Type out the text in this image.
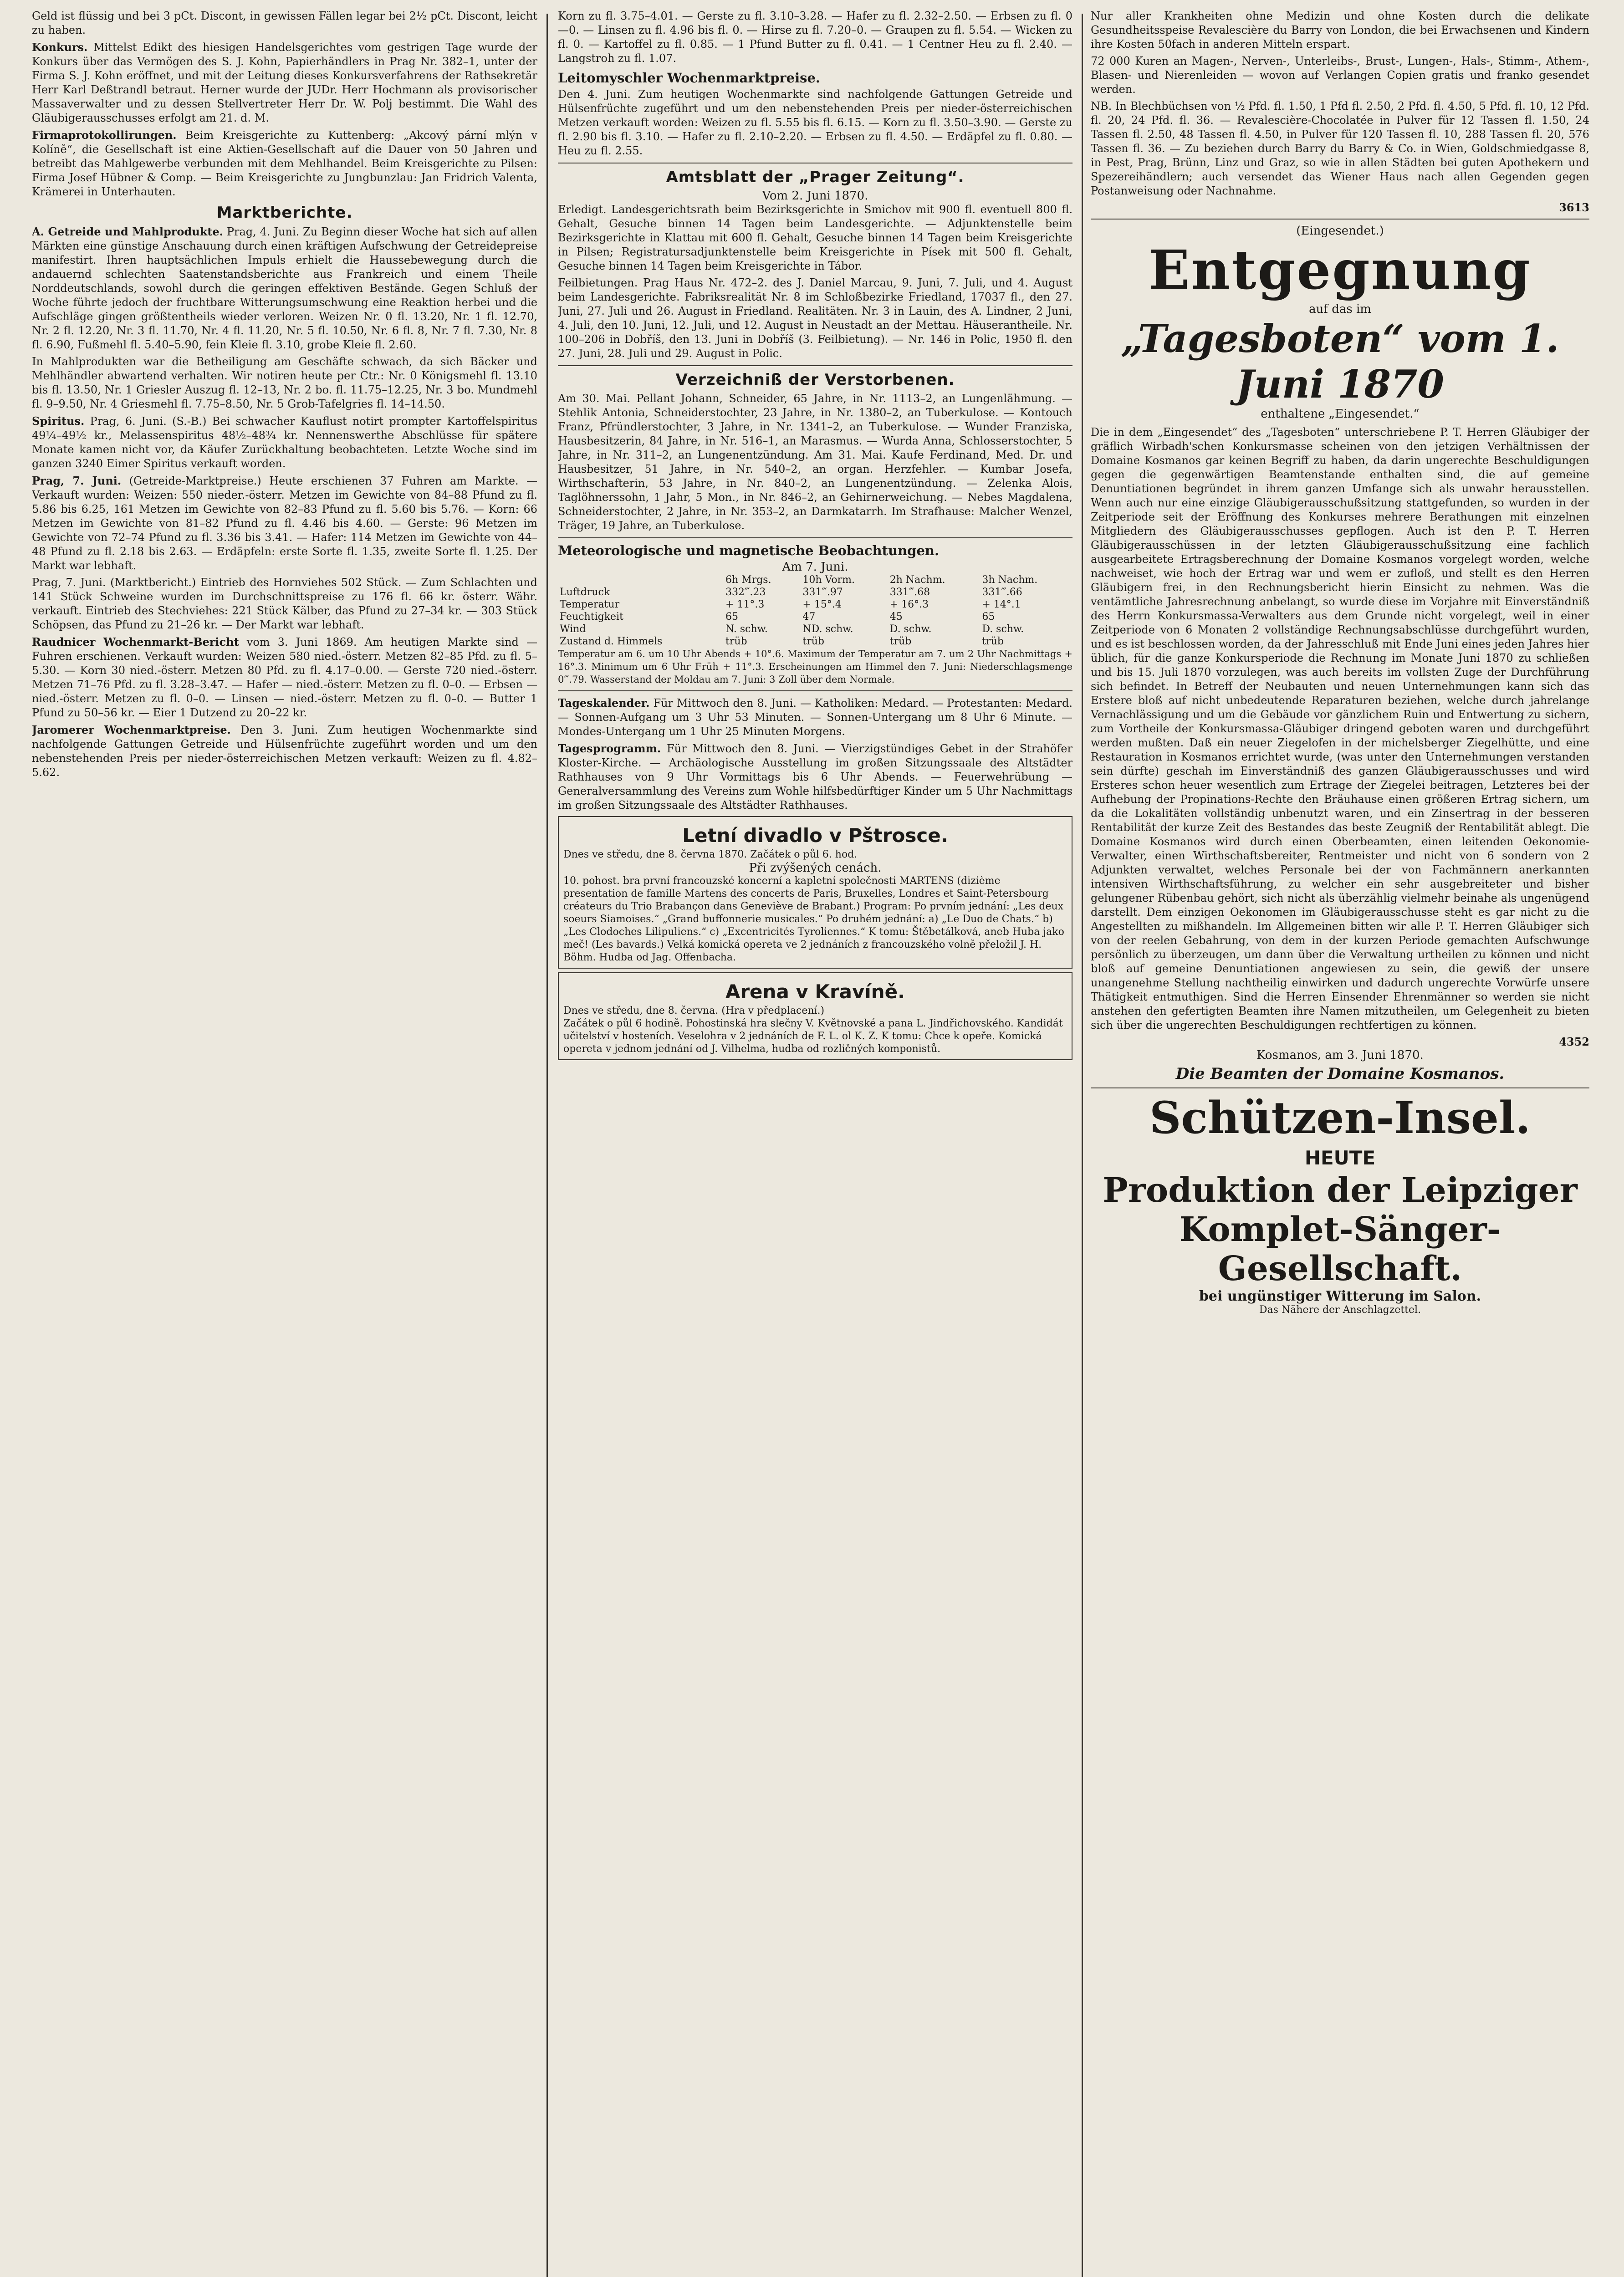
Geld ist flüssig und bei 3 pCt. Discont, in gewissen Fällen legar bei 2½ pCt. Discont, leicht zu haben.

Konkurs. Mittelst Edikt des hiesigen Handelsgerichtes vom gestrigen Tage wurde der Konkurs über das Vermögen des S. J. Kohn, Papierhändlers in Prag Nr. 382–1, unter der Firma S. J. Kohn eröffnet, und mit der Leitung dieses Konkursverfahrens der Rathsekretär Herr Karl Deßtrandl betraut. Herner wurde der JUDr. Herr Hochmann als provisorischer Massaverwalter und zu dessen Stellvertreter Herr Dr. W. Polj bestimmt. Die Wahl des Gläubigerausschusses erfolgt am 21. d. M.

Firmaprotokollirungen. Beim Kreisgerichte zu Kuttenberg: „Akcový pární mlýn v Kolíně“, die Gesellschaft ist eine Aktien-Gesellschaft auf die Dauer von 50 Jahren und betreibt das Mahlgewerbe verbunden mit dem Mehlhandel. Beim Kreisgerichte zu Pilsen: Firma Josef Hübner & Comp. — Beim Kreisgerichte zu Jungbunzlau: Jan Fridrich Valenta, Krämerei in Unterhauten.

Marktberichte.

A. Getreide und Mahlprodukte. Prag, 4. Juni. Zu Beginn dieser Woche hat sich auf allen Märkten eine günstige Anschauung durch einen kräftigen Aufschwung der Getreidepreise manifestirt. Ihren hauptsächlichen Impuls erhielt die Haussebewegung durch die andauernd schlechten Saatenstandsberichte aus Frankreich und einem Theile Norddeutschlands, sowohl durch die geringen effektiven Bestände. Gegen Schluß der Woche führte jedoch der fruchtbare Witterungsumschwung eine Reaktion herbei und die Aufschläge gingen größtentheils wieder verloren. Weizen Nr. 0 fl. 13.20, Nr. 1 fl. 12.70, Nr. 2 fl. 12.20, Nr. 3 fl. 11.70, Nr. 4 fl. 11.20, Nr. 5 fl. 10.50, Nr. 6 fl. 8, Nr. 7 fl. 7.30, Nr. 8 fl. 6.90, Fußmehl fl. 5.40–5.90, fein Kleie fl. 3.10, grobe Kleie fl. 2.60.

In Mahlprodukten war die Betheiligung am Geschäfte schwach, da sich Bäcker und Mehlhändler abwartend verhalten. Wir notiren heute per Ctr.: Nr. 0 Königsmehl fl. 13.10 bis fl. 13.50, Nr. 1 Griesler Auszug fl. 12–13, Nr. 2 bo. fl. 11.75–12.25, Nr. 3 bo. Mundmehl fl. 9–9.50, Nr. 4 Griesmehl fl. 7.75–8.50, Nr. 5 Grob-Tafelgries fl. 14–14.50.

Spiritus. Prag, 6. Juni. (S.-B.) Bei schwacher Kauflust notirt prompter Kartoffelspiritus 49¼–49½ kr., Melassenspiritus 48½–48¾ kr. Nennenswerthe Abschlüsse für spätere Monate kamen nicht vor, da Käufer Zurückhaltung beobachteten. Letzte Woche sind im ganzen 3240 Eimer Spiritus verkauft worden.

Prag, 7. Juni. (Getreide-Marktpreise.) Heute erschienen 37 Fuhren am Markte. — Verkauft wurden: Weizen: 550 nieder.-österr. Metzen im Gewichte von 84–88 Pfund zu fl. 5.86 bis 6.25, 161 Metzen im Gewichte von 82–83 Pfund zu fl. 5.60 bis 5.76. — Korn: 66 Metzen im Gewichte von 81–82 Pfund zu fl. 4.46 bis 4.60. — Gerste: 96 Metzen im Gewichte von 72–74 Pfund zu fl. 3.36 bis 3.41. — Hafer: 114 Metzen im Gewichte von 44–48 Pfund zu fl. 2.18 bis 2.63. — Erdäpfeln: erste Sorte fl. 1.35, zweite Sorte fl. 1.25. Der Markt war lebhaft.

Prag, 7. Juni. (Marktbericht.) Eintrieb des Hornviehes 502 Stück. — Zum Schlachten und 141 Stück Schweine wurden im Durchschnittspreise zu 176 fl. 66 kr. österr. Währ. verkauft. Eintrieb des Stechviehes: 221 Stück Kälber, das Pfund zu 27–34 kr. — 303 Stück Schöpsen, das Pfund zu 21–26 kr. — Der Markt war lebhaft.

Raudnicer Wochenmarkt-Bericht vom 3. Juni 1869. Am heutigen Markte sind — Fuhren erschienen. Verkauft wurden: Weizen 580 nied.-österr. Metzen 82–85 Pfd. zu fl. 5–5.30. — Korn 30 nied.-österr. Metzen 80 Pfd. zu fl. 4.17–0.00. — Gerste 720 nied.-österr. Metzen 71–76 Pfd. zu fl. 3.28–3.47. — Hafer — nied.-österr. Metzen zu fl. 0–0. — Erbsen — nied.-österr. Metzen zu fl. 0–0. — Linsen — nied.-österr. Metzen zu fl. 0–0. — Butter 1 Pfund zu 50–56 kr. — Eier 1 Dutzend zu 20–22 kr.

Jaromerer Wochenmarktpreise. Den 3. Juni. Zum heutigen Wochenmarkte sind nachfolgende Gattungen Getreide und Hülsenfrüchte zugeführt worden und um den nebenstehenden Preis per nieder-österreichischen Metzen verkauft: Weizen zu fl. 4.82–5.62.

Korn zu fl. 3.75–4.01. — Gerste zu fl. 3.10–3.28. — Hafer zu fl. 2.32–2.50. — Erbsen zu fl. 0—0. — Linsen zu fl. 4.96 bis fl. 0. — Hirse zu fl. 7.20–0. — Graupen zu fl. 5.54. — Wicken zu fl. 0. — Kartoffel zu fl. 0.85. — 1 Pfund Butter zu fl. 0.41. — 1 Centner Heu zu fl. 2.40. — Langstroh zu fl. 1.07.

Leitomyschler Wochenmarktpreise.

Den 4. Juni. Zum heutigen Wochenmarkte sind nachfolgende Gattungen Getreide und Hülsenfrüchte zugeführt und um den nebenstehenden Preis per nieder-österreichischen Metzen verkauft worden: Weizen zu fl. 5.55 bis fl. 6.15. — Korn zu fl. 3.50–3.90. — Gerste zu fl. 2.90 bis fl. 3.10. — Hafer zu fl. 2.10–2.20. — Erbsen zu fl. 4.50. — Erdäpfel zu fl. 0.80. — Heu zu fl. 2.55.

Amtsblatt der „Prager Zeitung“.
Vom 2. Juni 1870.

Erledigt. Landesgerichtsrath beim Bezirksgerichte in Smichov mit 900 fl. eventuell 800 fl. Gehalt, Gesuche binnen 14 Tagen beim Landesgerichte. — Adjunktenstelle beim Bezirksgerichte in Klattau mit 600 fl. Gehalt, Gesuche binnen 14 Tagen beim Kreisgerichte in Pilsen; Registratursadjunktenstelle beim Kreisgerichte in Písek mit 500 fl. Gehalt, Gesuche binnen 14 Tagen beim Kreisgerichte in Tábor.

Feilbietungen. Prag Haus Nr. 472–2. des J. Daniel Marcau, 9. Juni, 7. Juli, und 4. August beim Landesgerichte. Fabriksrealität Nr. 8 im Schloßbezirke Friedland, 17037 fl., den 27. Juni, 27. Juli und 26. August in Friedland. Realitäten. Nr. 3 in Lauin, des A. Lindner, 2 Juni, 4. Juli, den 10. Juni, 12. Juli, und 12. August in Neustadt an der Mettau. Häuserantheile. Nr. 100–206 in Dobříš, den 13. Juni in Dobříš (3. Feilbietung). — Nr. 146 in Polic, 1950 fl. den 27. Juni, 28. Juli und 29. August in Polic.

Verzeichniß der Verstorbenen.

Am 30. Mai. Pellant Johann, Schneider, 65 Jahre, in Nr. 1113–2, an Lungenlähmung. — Stehlik Antonia, Schneiderstochter, 23 Jahre, in Nr. 1380–2, an Tuberkulose. — Kontouch Franz, Pfründlerstochter, 3 Jahre, in Nr. 1341–2, an Tuberkulose. — Wunder Franziska, Hausbesitzerin, 84 Jahre, in Nr. 516–1, an Marasmus. — Wurda Anna, Schlosserstochter, 5 Jahre, in Nr. 311–2, an Lungenentzündung. Am 31. Mai. Kaufe Ferdinand, Med. Dr. und Hausbesitzer, 51 Jahre, in Nr. 540–2, an organ. Herzfehler. — Kumbar Josefa, Wirthschafterin, 53 Jahre, in Nr. 840–2, an Lungenentzündung. — Zelenka Alois, Taglöhnerssohn, 1 Jahr, 5 Mon., in Nr. 846–2, an Gehirnerweichung. — Nebes Magdalena, Schneiderstochter, 2 Jahre, in Nr. 353–2, an Darmkatarrh. Im Strafhause: Malcher Wenzel, Träger, 19 Jahre, an Tuberkulose.

Meteorologische und magnetische Beobachtungen.
Am 7. Juni.
	6h Mrgs.	10h Vorm.	2h Nachm.	3h Nachm.
Luftdruck	332‴.23	331‴.97	331‴.68	331‴.66
Temperatur	+ 11°.3	+ 15°.4	+ 16°.3	+ 14°.1
Feuchtigkeit	65	47	45	65
Wind	N. schw.	ND. schw.	D. schw.	D. schw.
Zustand d. Himmels	trüb	trüb	trüb	trüb

Temperatur am 6. um 10 Uhr Abends + 10°.6. Maximum der Temperatur am 7. um 2 Uhr Nachmittags + 16°.3. Minimum um 6 Uhr Früh + 11°.3. Erscheinungen am Himmel den 7. Juni: Niederschlagsmenge 0‴.79. Wasserstand der Moldau am 7. Juni: 3 Zoll über dem Normale.

Tageskalender. Für Mittwoch den 8. Juni. — Katholiken: Medard. — Protestanten: Medard. — Sonnen-Aufgang um 3 Uhr 53 Minuten. — Sonnen-Untergang um 8 Uhr 6 Minute. — Mondes-Untergang um 1 Uhr 25 Minuten Morgens.

Tagesprogramm. Für Mittwoch den 8. Juni. — Vierzigstündiges Gebet in der Strahöfer Kloster-Kirche. — Archäologische Ausstellung im großen Sitzungssaale des Altstädter Rathhauses von 9 Uhr Vormittags bis 6 Uhr Abends. — Feuerwehrübung — Generalversammlung des Vereins zum Wohle hilfsbedürftiger Kinder um 5 Uhr Nachmittags im großen Sitzungssaale des Altstädter Rathhauses.

Letní divadlo v Pštrosce.
Dnes ve středu, dne 8. června 1870. Začátek o půl 6. hod.
Při zvýšených cenách.
10. pohost. bra první francouzské koncerní a kapletní společnosti MARTENS (dizième presentation de famille Martens des concerts de Paris, Bruxelles, Londres et Saint-Petersbourg créateurs du Trio Brabançon dans Geneviève de Brabant.) Program: Po prvním jednání: „Les deux soeurs Siamoises.“ „Grand buffonnerie musicales.“ Po druhém jednání: a) „Le Duo de Chats.“ b) „Les Clodoches Lilipuliens.“ c) „Excentricités Tyroliennes.“ K tomu: Štěbetálková, aneb Huba jako meč! (Les bavards.) Velká komická opereta ve 2 jednáních z francouzského volně přeložil J. H. Böhm. Hudba od Jag. Offenbacha.
Arena v Kravíně.
Dnes ve středu, dne 8. června. (Hra v předplacení.)
Začátek o půl 6 hodině. Pohostinská hra slečny V. Květnovské a pana L. Jindřichovského. Kandidát učitelství v hosteních. Veselohra v 2 jednáních de F. L. ol K. Z. K tomu: Chce k opeře. Komická opereta v jednom jednání od J. Vilhelma, hudba od rozličných komponistů.

Nur aller Krankheiten ohne Medizin und ohne Kosten durch die delikate Gesundheitsspeise Revalescière du Barry von London, die bei Erwachsenen und Kindern ihre Kosten 50fach in anderen Mitteln erspart.

72 000 Kuren an Magen-, Nerven-, Unterleibs-, Brust-, Lungen-, Hals-, Stimm-, Athem-, Blasen- und Nierenleiden — wovon auf Verlangen Copien gratis und franko gesendet werden.

NB. In Blechbüchsen von ½ Pfd. fl. 1.50, 1 Pfd fl. 2.50, 2 Pfd. fl. 4.50, 5 Pfd. fl. 10, 12 Pfd. fl. 20, 24 Pfd. fl. 36. — Revalescière-Chocolatée in Pulver für 12 Tassen fl. 1.50, 24 Tassen fl. 2.50, 48 Tassen fl. 4.50, in Pulver für 120 Tassen fl. 10, 288 Tassen fl. 20, 576 Tassen fl. 36. — Zu beziehen durch Barry du Barry & Co. in Wien, Goldschmiedgasse 8, in Pest, Prag, Brünn, Linz und Graz, so wie in allen Städten bei guten Apothekern und Spezereihändlern; auch versendet das Wiener Haus nach allen Gegenden gegen Postanweisung oder Nachnahme.

3613
(Eingesendet.)
Entgegnung
auf das im
„Tagesboten“ vom 1. Juni 1870
enthaltene „Eingesendet.“

Die in dem „Eingesendet“ des „Tagesboten“ unterschriebene P. T. Herren Gläubiger der gräflich Wirbadh'schen Konkursmasse scheinen von den jetzigen Verhältnissen der Domaine Kosmanos gar keinen Begriff zu haben, da darin ungerechte Beschuldigungen gegen die gegenwärtigen Beamtenstande enthalten sind, die auf gemeine Denuntiationen begründet in ihrem ganzen Umfange sich als unwahr herausstellen. Wenn auch nur eine einzige Gläubigerausschußsitzung stattgefunden, so wurden in der Zeitperiode seit der Eröffnung des Konkurses mehrere Berathungen mit einzelnen Mitgliedern des Gläubigerausschusses gepflogen. Auch ist den P. T. Herren Gläubigerausschüssen in der letzten Gläubigerausschußsitzung eine fachlich ausgearbeitete Ertragsberechnung der Domaine Kosmanos vorgelegt worden, welche nachweiset, wie hoch der Ertrag war und wem er zufloß, und stellt es den Herren Gläubigern frei, in den Rechnungsbericht hierin Einsicht zu nehmen. Was die ventämtliche Jahresrechnung anbelangt, so wurde diese im Vorjahre mit Einverständniß des Herrn Konkursmassa-Verwalters aus dem Grunde nicht vorgelegt, weil in einer Zeitperiode von 6 Monaten 2 vollständige Rechnungsabschlüsse durchgeführt wurden, und es ist beschlossen worden, da der Jahresschluß mit Ende Juni eines jeden Jahres hier üblich, für die ganze Konkursperiode die Rechnung im Monate Juni 1870 zu schließen und bis 15. Juli 1870 vorzulegen, was auch bereits im vollsten Zuge der Durchführung sich befindet. In Betreff der Neubauten und neuen Unternehmungen kann sich das Erstere bloß auf nicht unbedeutende Reparaturen beziehen, welche durch jahrelange Vernachlässigung und um die Gebäude vor gänzlichem Ruin und Entwertung zu sichern, zum Vortheile der Konkursmassa-Gläubiger dringend geboten waren und durchgeführt werden mußten. Daß ein neuer Ziegelofen in der michelsberger Ziegelhütte, und eine Restauration in Kosmanos errichtet wurde, (was unter den Unternehmungen verstanden sein dürfte) geschah im Einverständniß des ganzen Gläubigerausschusses und wird Ersteres schon heuer wesentlich zum Ertrage der Ziegelei beitragen, Letzteres bei der Aufhebung der Propinations-Rechte den Bräuhause einen größeren Ertrag sichern, um da die Lokalitäten vollständig unbenutzt waren, und ein Zinsertrag in der besseren Rentabilität der kurze Zeit des Bestandes das beste Zeugniß der Rentabilität ablegt. Die Domaine Kosmanos wird durch einen Oberbeamten, einen leitenden Oekonomie-Verwalter, einen Wirthschaftsbereiter, Rentmeister und nicht von 6 sondern von 2 Adjunkten verwaltet, welches Personale bei der von Fachmännern anerkannten intensiven Wirthschaftsführung, zu welcher ein sehr ausgebreiteter und bisher gelungener Rübenbau gehört, sich nicht als überzählig vielmehr beinahe als ungenügend darstellt. Dem einzigen Oekonomen im Gläubigerausschusse steht es gar nicht zu die Angestellten zu mißhandeln. Im Allgemeinen bitten wir alle P. T. Herren Gläubiger sich von der reelen Gebahrung, von dem in der kurzen Periode gemachten Aufschwunge persönlich zu überzeugen, um dann über die Verwaltung urtheilen zu können und nicht bloß auf gemeine Denuntiationen angewiesen zu sein, die gewiß der unsere unangenehme Stellung nachtheilig einwirken und dadurch ungerechte Vorwürfe unsere Thätigkeit entmuthigen. Sind die Herren Einsender Ehrenmänner so werden sie nicht anstehen den gefertigten Beamten ihre Namen mitzutheilen, um Gelegenheit zu bieten sich über die ungerechten Beschuldigungen rechtfertigen zu können.

4352
Kosmanos, am 3. Juni 1870.
Die Beamten der Domaine Kosmanos.
Schützen-Insel.
HEUTE
Produktion der Leipziger Komplet-Sänger-Gesellschaft.
bei ungünstiger Witterung im Salon.
Das Nähere der Anschlagzettel.
